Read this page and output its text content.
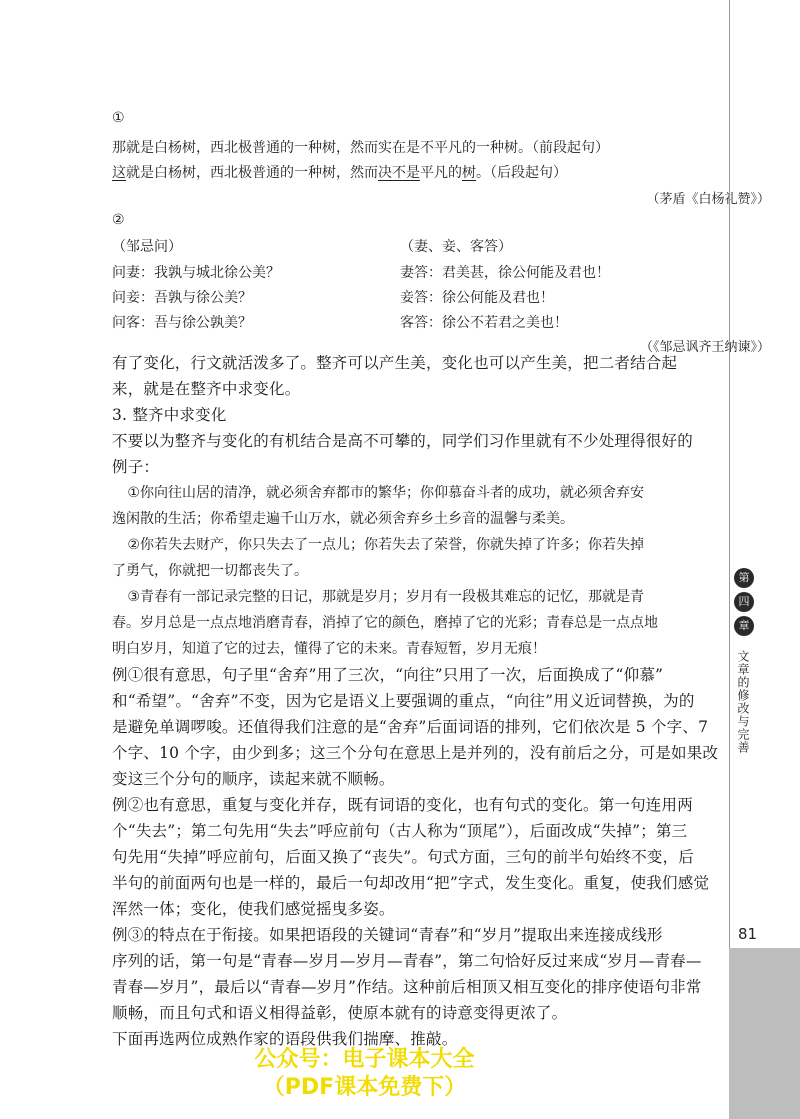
①
那就是白杨树，西北极普通的一种树，然而实在是不平凡的一种树。（前段起句）
这就是白杨树，西北极普通的一种树，然而决不是平凡的树。（后段起句）
（茅盾《白杨礼赞》）
②
（邹忌问）	（妻、妾、客答）
问妻：我孰与城北徐公美？	妻答：君美甚，徐公何能及君也！
问妾：吾孰与徐公美？	妾答：徐公何能及君也！
问客：吾与徐公孰美？	客答：徐公不若君之美也！
（《邹忌讽齐王纳谏》）

有了变化，行文就活泼多了。整齐可以产生美，变化也可以产生美，把二者结合起

来，就是在整齐中求变化。

3. 整齐中求变化

不要以为整齐与变化的有机结合是高不可攀的，同学们习作里就有不少处理得很好的

例子：

①你向往山居的清净，就必须舍弃都市的繁华；你仰慕奋斗者的成功，就必须舍弃安

逸闲散的生活；你希望走遍千山万水，就必须舍弃乡土乡音的温馨与柔美。

②你若失去财产，你只失去了一点儿；你若失去了荣誉，你就失掉了许多；你若失掉

了勇气，你就把一切都丧失了。

③青春有一部记录完整的日记，那就是岁月；岁月有一段极其难忘的记忆，那就是青

春。岁月总是一点点地消磨青春，消掉了它的颜色，磨掉了它的光彩；青春总是一点点地

明白岁月，知道了它的过去，懂得了它的未来。青春短暂，岁月无痕！

例①很有意思，句子里“舍弃”用了三次，“向往”只用了一次，后面换成了“仰慕”

和“希望”。“舍弃”不变，因为它是语义上要强调的重点，“向往”用义近词替换，为的

是避免单调啰唆。还值得我们注意的是“舍弃”后面词语的排列，它们依次是 5 个字、7

个字、10 个字，由少到多；这三个分句在意思上是并列的，没有前后之分，可是如果改

变这三个分句的顺序，读起来就不顺畅。

例②也有意思，重复与变化并存，既有词语的变化，也有句式的变化。第一句连用两

个“失去”；第二句先用“失去”呼应前句（古人称为“顶尾”），后面改成“失掉”；第三

句先用“失掉”呼应前句，后面又换了“丧失”。句式方面，三句的前半句始终不变，后

半句的前面两句也是一样的，最后一句却改用“把”字式，发生变化。重复，使我们感觉

浑然一体；变化，使我们感觉摇曳多姿。

例③的特点在于衔接。如果把语段的关键词“青春”和“岁月”提取出来连接成线形

序列的话，第一句是“青春—岁月—岁月—青春”，第二句恰好反过来成“岁月—青春—

青春—岁月”，最后以“青春—岁月”作结。这种前后相顶又相互变化的排序使语句非常

顺畅，而且句式和语义相得益彰，使原本就有的诗意变得更浓了。

下面再选两位成熟作家的语段供我们揣摩、推敲。

第
四
章
文章的修改与完善
81
公众号：电子课本大全
（PDF课本免费下）
